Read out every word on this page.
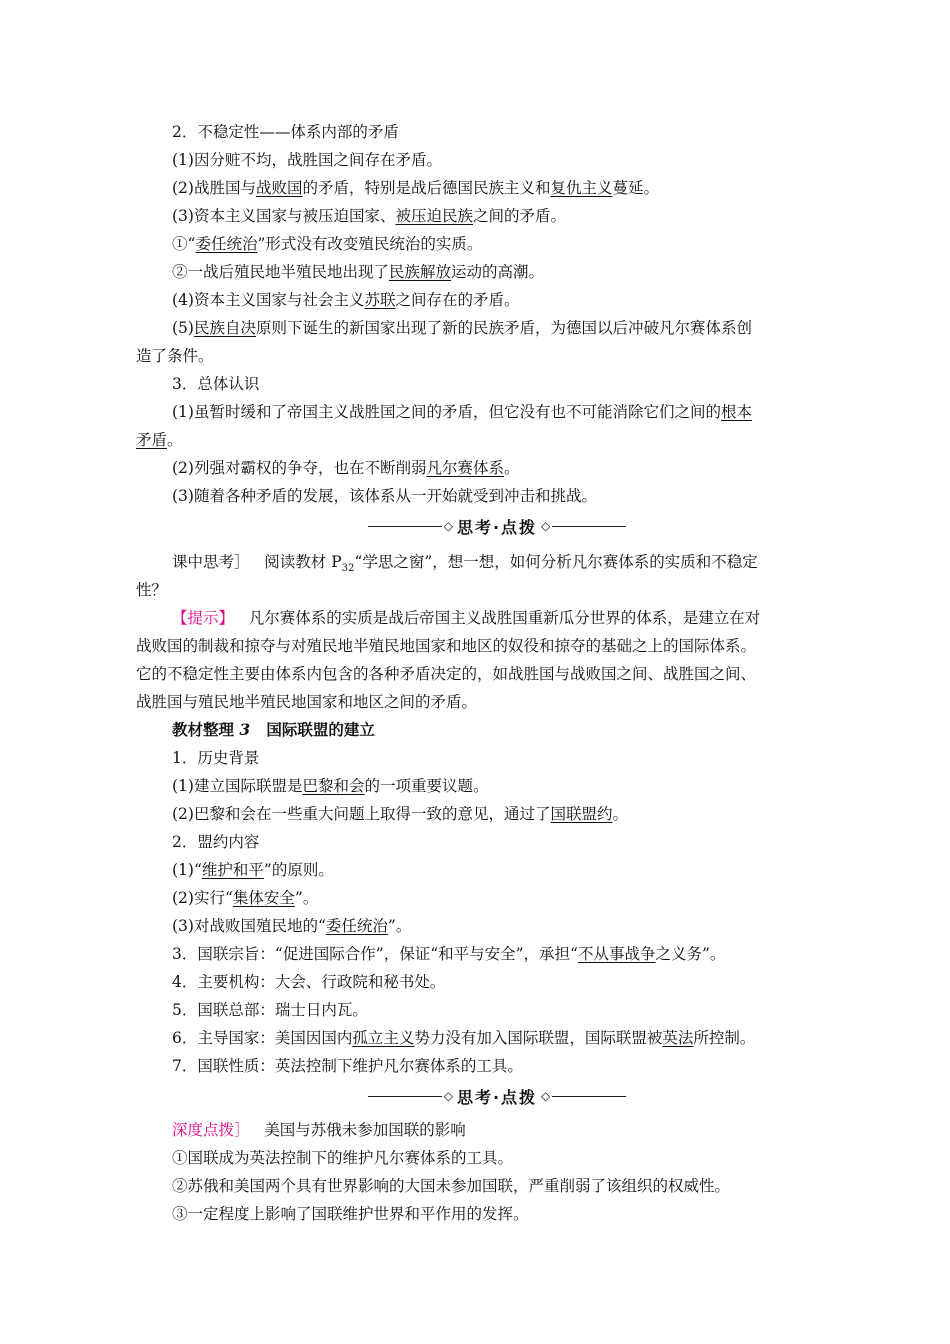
2．不稳定性——体系内部的矛盾
(1)因分赃不均，战胜国之间存在矛盾。
(2)战胜国与战败国的矛盾，特别是战后德国民族主义和复仇主义蔓延。
(3)资本主义国家与被压迫国家、被压迫民族之间的矛盾。
①“委任统治”形式没有改变殖民统治的实质。
②一战后殖民地半殖民地出现了民族解放运动的高潮。
(4)资本主义国家与社会主义苏联之间存在的矛盾。
(5)民族自决原则下诞生的新国家出现了新的民族矛盾，为德国以后冲破凡尔赛体系创
造了条件。
3．总体认识
(1)虽暂时缓和了帝国主义战胜国之间的矛盾，但它没有也不可能消除它们之间的根本
矛盾。
(2)列强对霸权的争夺，也在不断削弱凡尔赛体系。
(3)随着各种矛盾的发展，该体系从一开始就受到冲击和挑战。
◇ 思考·点拨 ◇
课中思考］ 阅读教材 $P_{32}“$学思之窗”，想一想，如何分析凡尔赛体系的实质和不稳定
性？
【提示】 凡尔赛体系的实质是战后帝国主义战胜国重新瓜分世界的体系，是建立在对
战败国的制裁和掠夺与对殖民地半殖民地国家和地区的奴役和掠夺的基础之上的国际体系。
它的不稳定性主要由体系内包含的各种矛盾决定的，如战胜国与战败国之间、战胜国之间、
战胜国与殖民地半殖民地国家和地区之间的矛盾。
教材整理 3 国际联盟的建立
1．历史背景
(1)建立国际联盟是巴黎和会的一项重要议题。
(2)巴黎和会在一些重大问题上取得一致的意见，通过了国联盟约。
2．盟约内容
(1)“维护和平”的原则。
(2)实行“集体安全”。
(3)对战败国殖民地的“委任统治”。
3．国联宗旨：“促进国际合作”，保证“和平与安全”，承担“不从事战争之义务”。
4．主要机构：大会、行政院和秘书处。
5．国联总部：瑞士日内瓦。
6．主导国家：美国因国内孤立主义势力没有加入国际联盟，国际联盟被英法所控制。
7．国联性质：英法控制下维护凡尔赛体系的工具。
◇ 思考·点拨 ◇
深度点拨］ 美国与苏俄未参加国联的影响
①国联成为英法控制下的维护凡尔赛体系的工具。
②苏俄和美国两个具有世界影响的大国未参加国联，严重削弱了该组织的权威性。
③一定程度上影响了国联维护世界和平作用的发挥。
